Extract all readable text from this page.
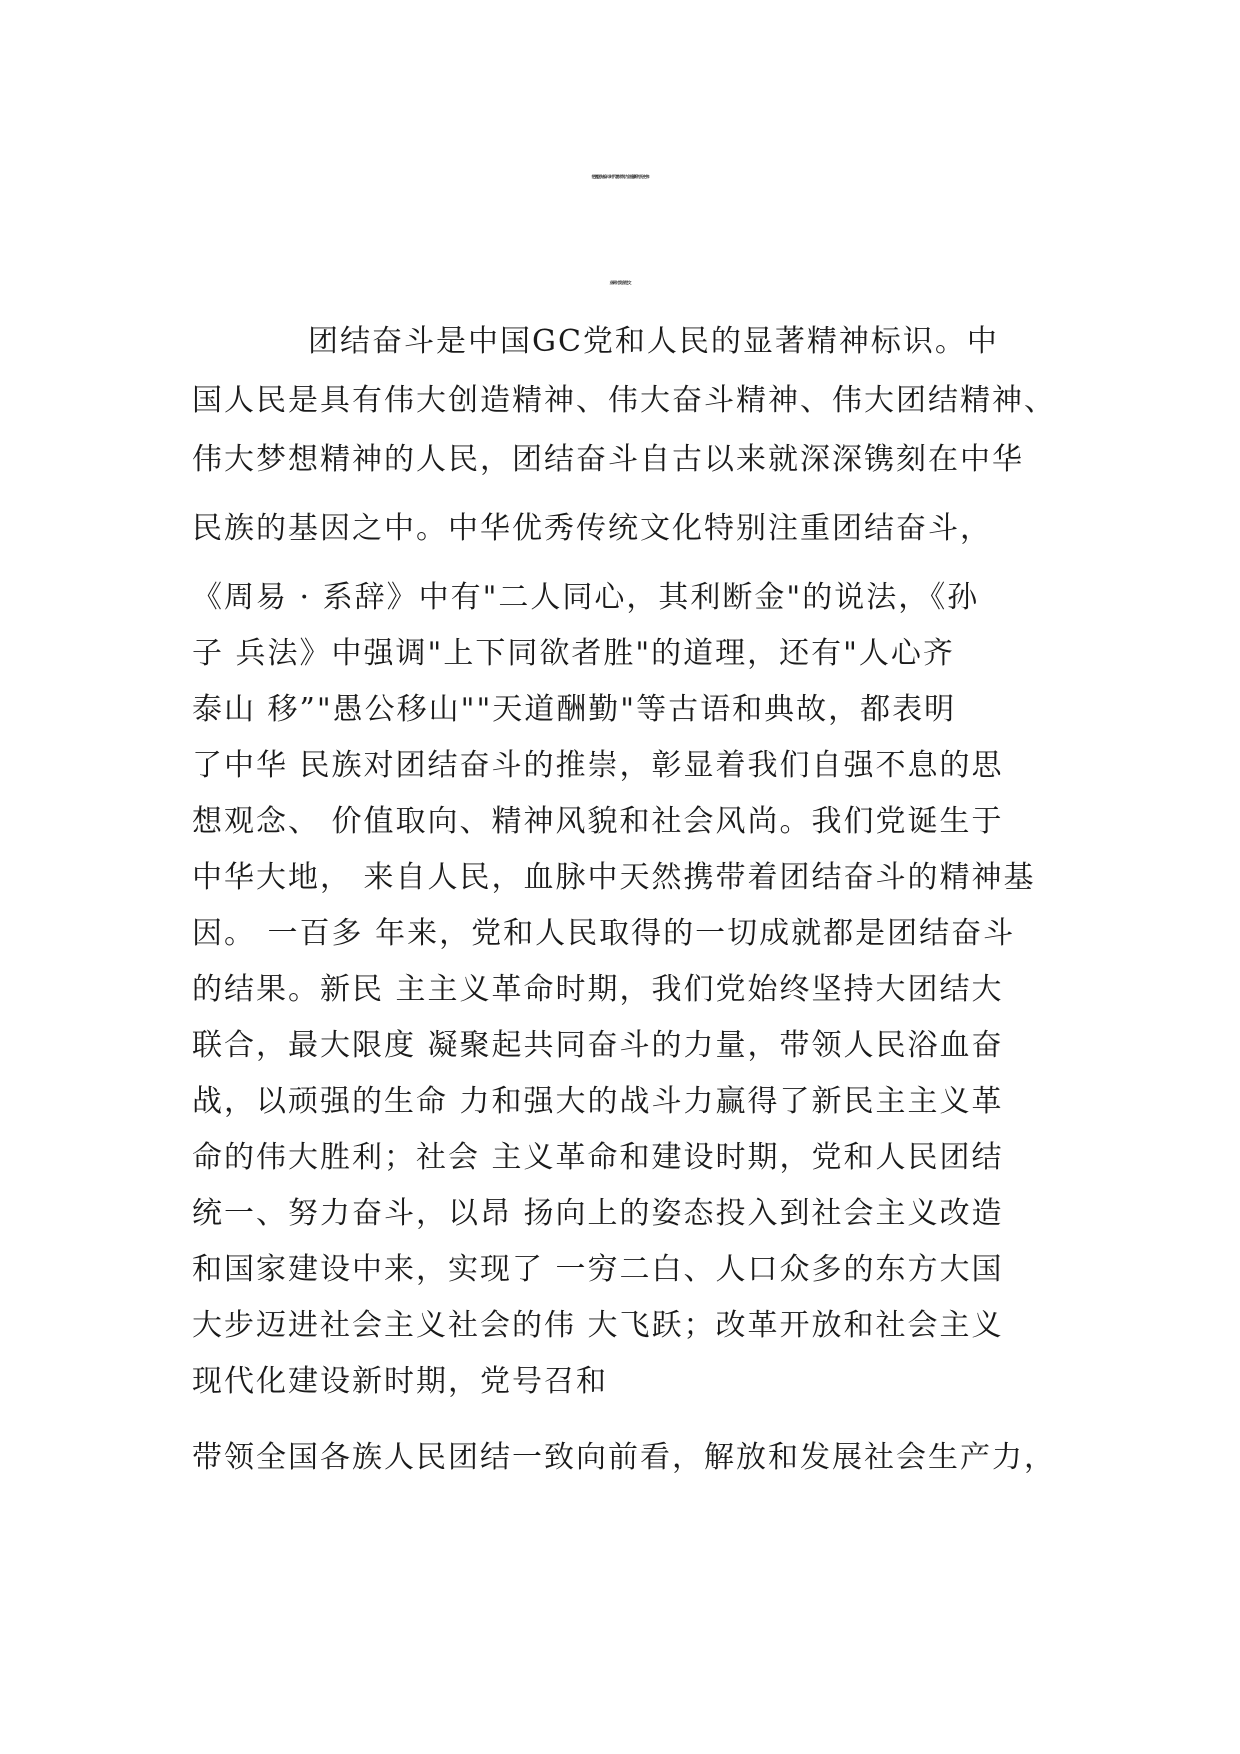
把握团结奋斗时代要求努力创造新的历史伟
业研讨发言范文
团结奋斗是中国GC党和人民的显著精神标识。中
国人民是具有伟大创造精神、伟大奋斗精神、伟大团结精神、
伟大梦想精神的人民，团结奋斗自古以来就深深镌刻在中华
民族的基因之中。中华优秀传统文化特别注重团结奋斗，
《周易 · 系辞》中有"二人同心，其利断金"的说法，《孙
子 兵法》中强调"上下同欲者胜"的道理，还有"人心齐
泰山 移”"愚公移山""天道酬勤"等古语和典故，都表明
了中华 民族对团结奋斗的推崇，彰显着我们自强不息的思
想观念、 价值取向、精神风貌和社会风尚。我们党诞生于
中华大地， 来自人民，血脉中天然携带着团结奋斗的精神基
因。 一百多 年来，党和人民取得的一切成就都是团结奋斗
的结果。新民 主主义革命时期，我们党始终坚持大团结大
联合，最大限度 凝聚起共同奋斗的力量，带领人民浴血奋
战，以顽强的生命 力和强大的战斗力赢得了新民主主义革
命的伟大胜利；社会 主义革命和建设时期，党和人民团结
统一、努力奋斗，以昂 扬向上的姿态投入到社会主义改造
和国家建设中来，实现了 一穷二白、人口众多的东方大国
大步迈进社会主义社会的伟 大飞跃；改革开放和社会主义
现代化建设新时期，党号召和
带领全国各族人民团结一致向前看，解放和发展社会生产力，
